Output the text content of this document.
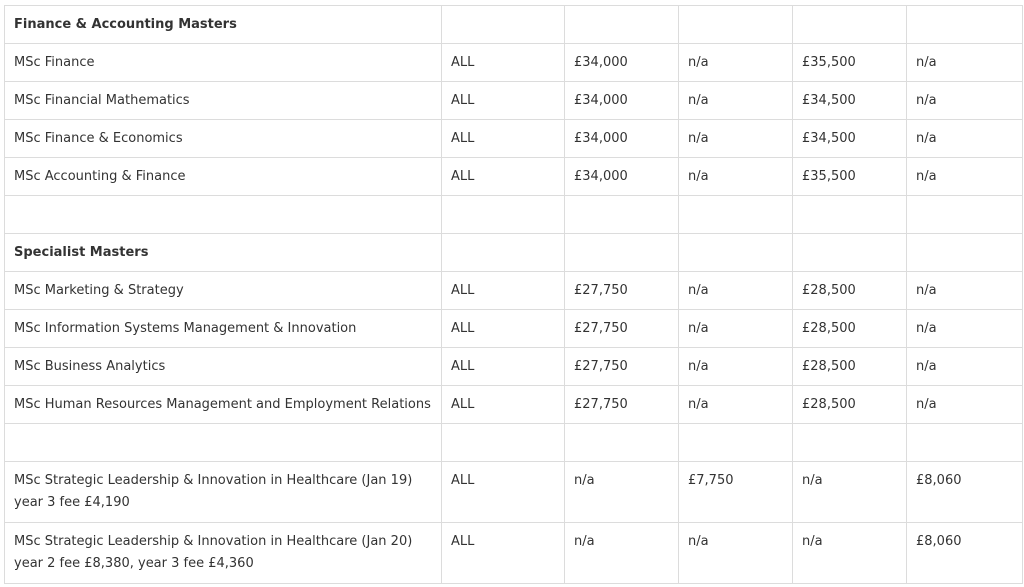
Finance & Accounting Masters					
MSc Finance	ALL	£34,000	n/a	£35,500	n/a
MSc Financial Mathematics	ALL	£34,000	n/a	£34,500	n/a
MSc Finance & Economics	ALL	£34,000	n/a	£34,500	n/a
MSc Accounting & Finance	ALL	£34,000	n/a	£35,500	n/a

Specialist Masters					
MSc Marketing & Strategy	ALL	£27,750	n/a	£28,500	n/a
MSc Information Systems Management & Innovation	ALL	£27,750	n/a	£28,500	n/a
MSc Business Analytics	ALL	£27,750	n/a	£28,500	n/a
MSc Human Resources Management and Employment Relations	ALL	£27,750	n/a	£28,500	n/a

MSc Strategic Leadership & Innovation in Healthcare (Jan 19) year 3 fee £4,190	ALL	n/a	£7,750	n/a	£8,060
MSc Strategic Leadership & Innovation in Healthcare (Jan 20) year 2 fee £8,380, year 3 fee £4,360	ALL	n/a	n/a	n/a	£8,060
